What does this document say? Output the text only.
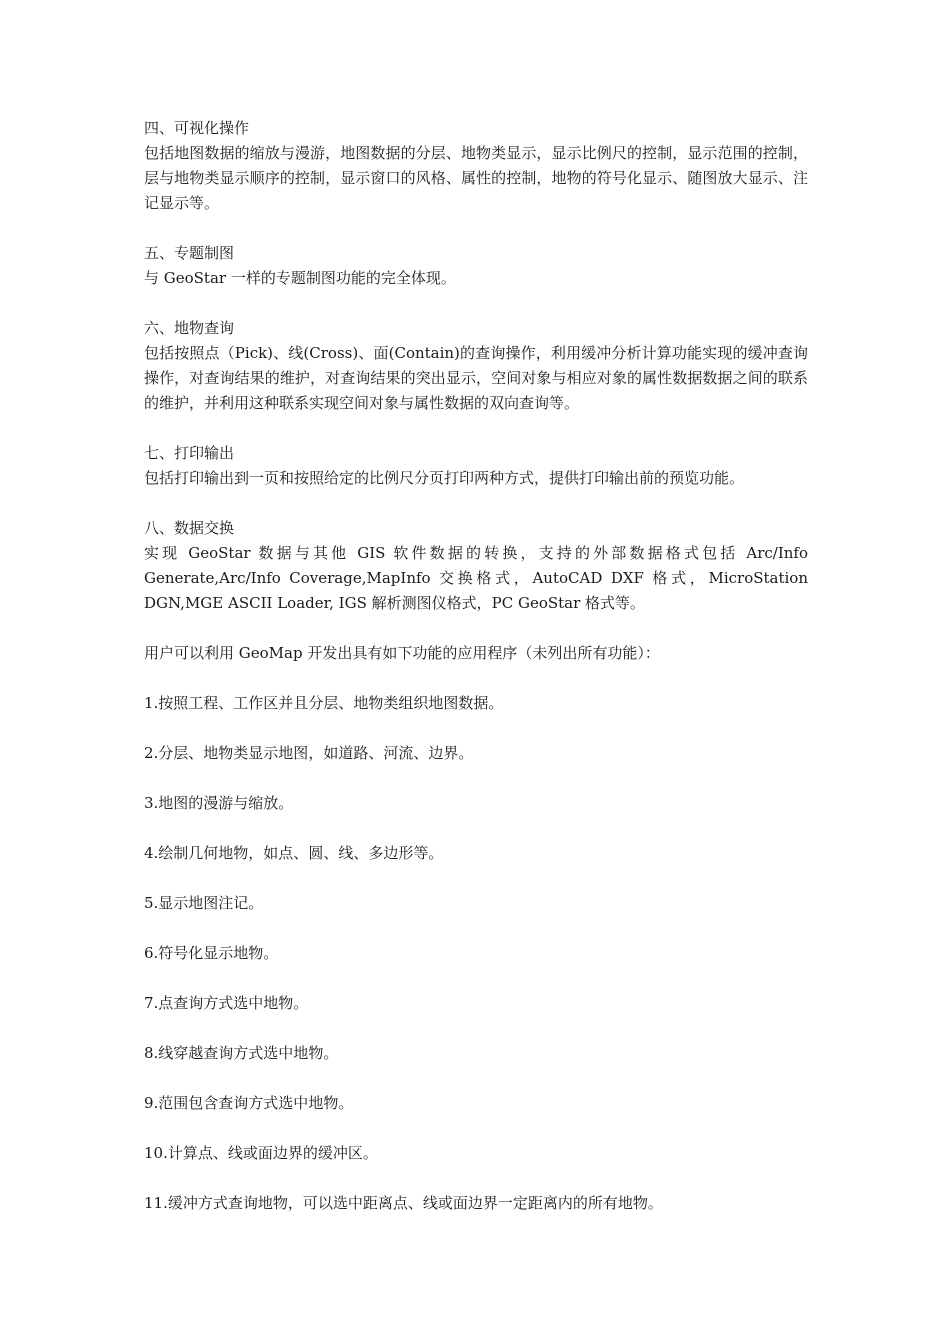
四、可视化操作
包括地图数据的缩放与漫游，地图数据的分层、地物类显示，显示比例尺的控制，显示范围的控制，层与地物类显示顺序的控制，显示窗口的风格、属性的控制，地物的符号化显示、随图放大显示、注记显示等。
五、专题制图
与 GeoStar 一样的专题制图功能的完全体现。
六、地物查询
包括按照点（Pick)、线(Cross)、面(Contain)的查询操作，利用缓冲分析计算功能实现的缓冲查询操作，对查询结果的维护，对查询结果的突出显示，空间对象与相应对象的属性数据数据之间的联系的维护，并利用这种联系实现空间对象与属性数据的双向查询等。
七、打印输出
包括打印输出到一页和按照给定的比例尺分页打印两种方式，提供打印输出前的预览功能。
八、数据交换
实现 GeoStar 数据与其他 GIS 软件数据的转换，支持的外部数据格式包括 Arc/Info Generate,Arc/Info Coverage,MapInfo 交换格式，AutoCAD DXF 格式，MicroStation DGN,MGE ASCII Loader, IGS 解析测图仪格式，PC GeoStar 格式等。
用户可以利用 GeoMap 开发出具有如下功能的应用程序（未列出所有功能）：
1.按照工程、工作区并且分层、地物类组织地图数据。
2.分层、地物类显示地图，如道路、河流、边界。
3.地图的漫游与缩放。
4.绘制几何地物，如点、圆、线、多边形等。
5.显示地图注记。
6.符号化显示地物。
7.点查询方式选中地物。
8.线穿越查询方式选中地物。
9.范围包含查询方式选中地物。
10.计算点、线或面边界的缓冲区。
11.缓冲方式查询地物，可以选中距离点、线或面边界一定距离内的所有地物。
